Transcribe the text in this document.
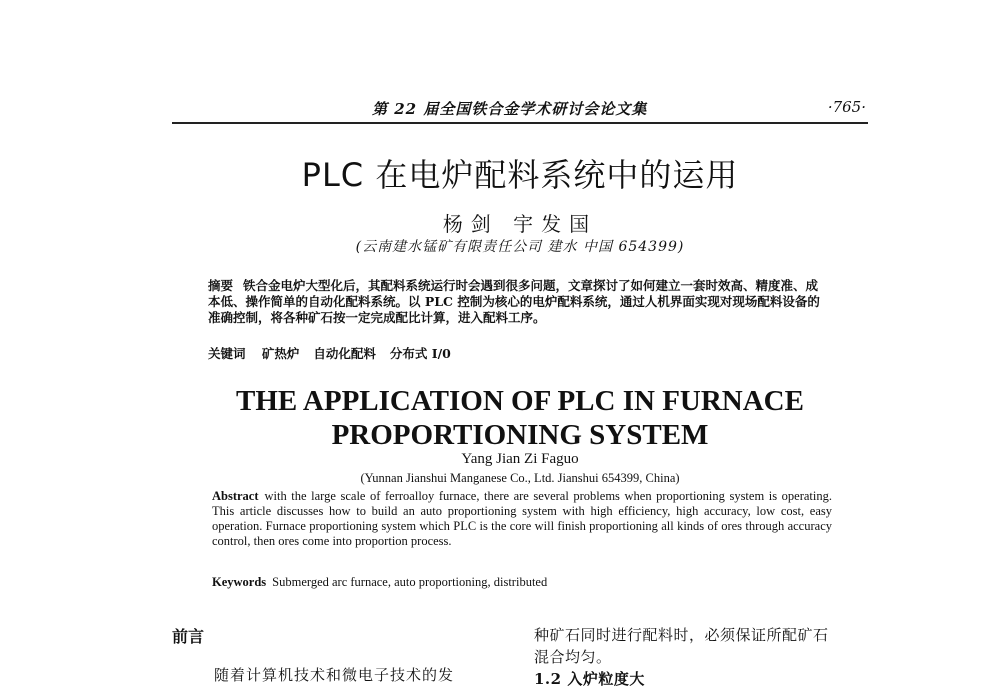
第 22 届全国铁合金学术研讨会论文集	·765·
PLC 在电炉配料系统中的运用
杨剑 宇发国
(云南建水锰矿有限责任公司 建水 中国 654399)
摘要 铁合金电炉大型化后，其配料系统运行时会遇到很多问题，文章探讨了如何建立一套时效高、精度准、成本低、操作简单的自动化配料系统。以 PLC 控制为核心的电炉配料系统，通过人机界面实现对现场配料设备的准确控制，将各种矿石按一定完成配比计算，进入配料工序。
关键词 矿热炉 自动化配料 分布式 I/0
THE APPLICATION OF PLC IN FURNACE
PROPORTIONING SYSTEM
Yang Jian Zi Faguo
(Yunnan Jianshui Manganese Co., Ltd. Jianshui 654399, China)
Abstract with the large scale of ferroalloy furnace, there are several problems when proportioning system is operating. This article discusses how to build an auto proportioning system with high efficiency, high accuracy, low cost, easy operation. Furnace proportioning system which PLC is the core will finish proportioning all kinds of ores through accuracy control, then ores come into proportion process.
Keywords Submerged arc furnace, auto proportioning, distributed
前言
随着计算机技术和微电子技术的发
种矿石同时进行配料时，必须保证所配矿石
混合均匀。
1.2 入炉粒度大
